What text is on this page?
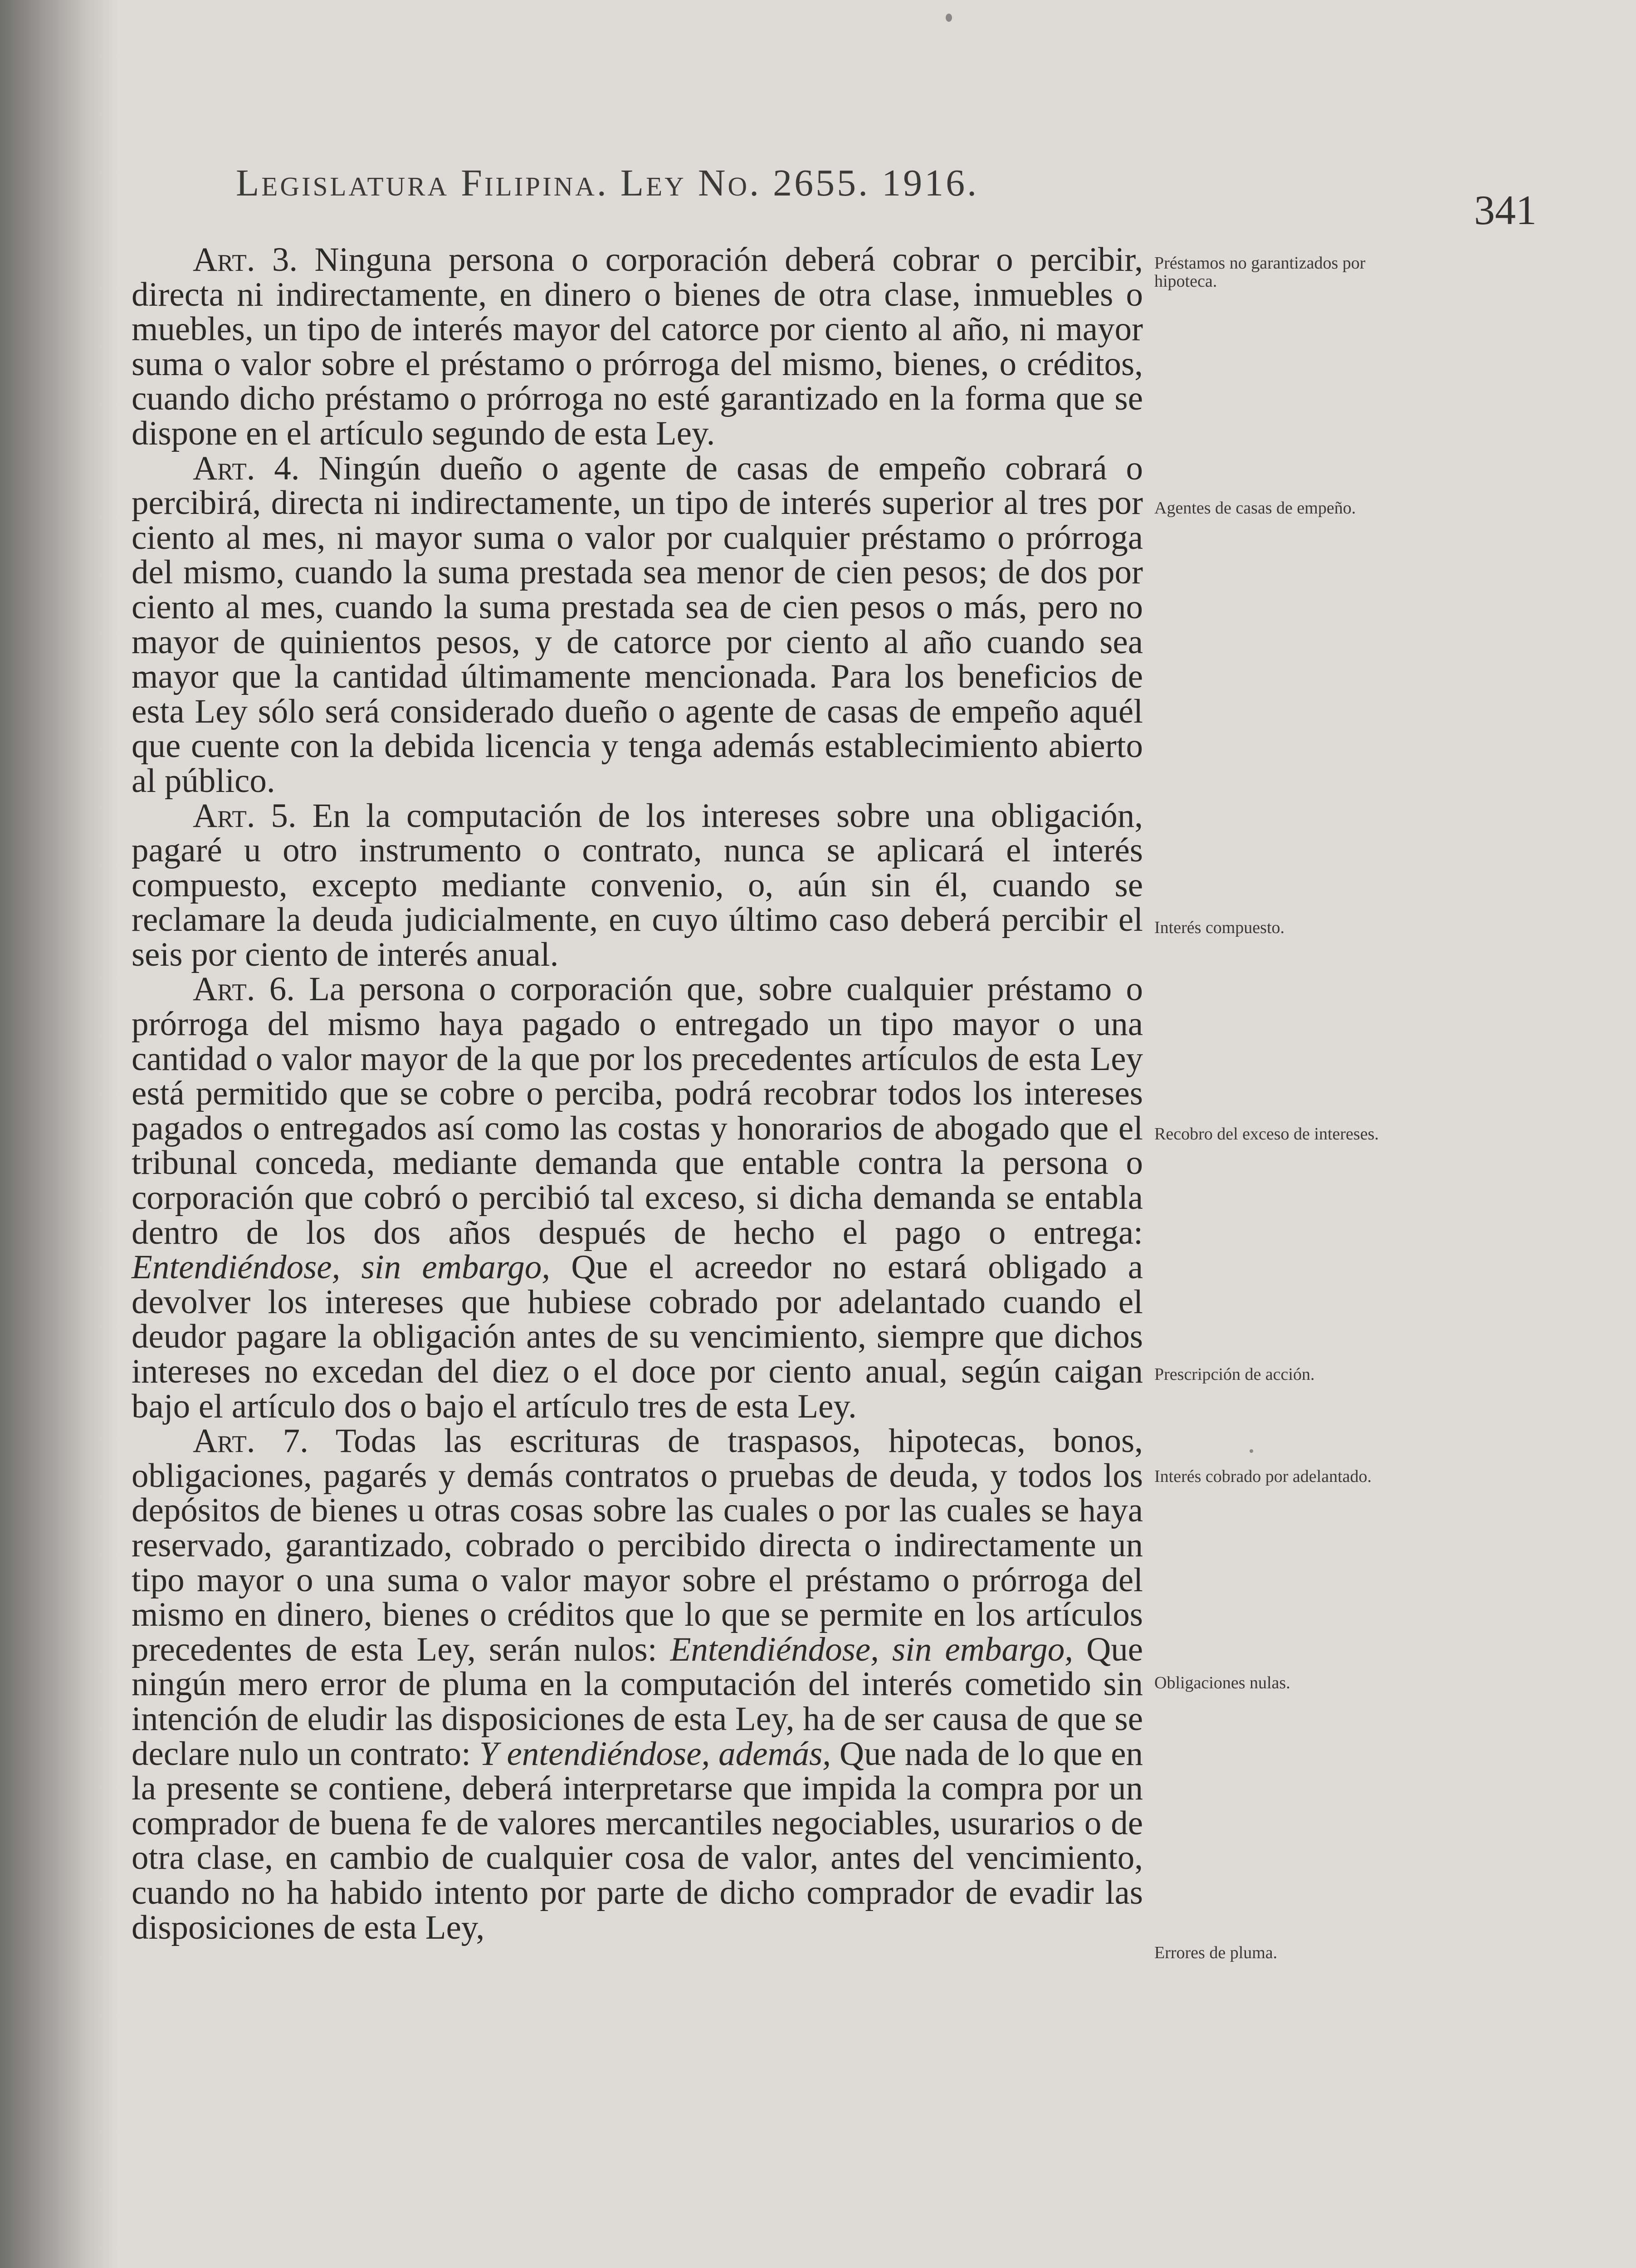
Legislatura Filipina. Ley No. 2655. 1916.
341

Art. 3. Ninguna persona o corporación deberá cobrar o percibir, directa ni indirectamente, en dinero o bienes de otra clase, inmuebles o muebles, un tipo de interés mayor del catorce por ciento al año, ni mayor suma o valor sobre el préstamo o prórroga del mismo, bienes, o créditos, cuando dicho préstamo o prórroga no esté garantizado en la forma que se dispone en el artículo segundo de esta Ley.

Art. 4. Ningún dueño o agente de casas de empeño cobrará o percibirá, directa ni indirectamente, un tipo de interés superior al tres por ciento al mes, ni mayor suma o valor por cualquier préstamo o prórroga del mismo, cuando la suma prestada sea menor de cien pesos; de dos por ciento al mes, cuando la suma prestada sea de cien pesos o más, pero no mayor de quinientos pesos, y de catorce por ciento al año cuando sea mayor que la cantidad últimamente mencionada. Para los beneficios de esta Ley sólo será considerado dueño o agente de casas de empeño aquél que cuente con la debida licencia y tenga además establecimiento abierto al público.

Art. 5. En la computación de los intereses sobre una obligación, pagaré u otro instrumento o contrato, nunca se aplicará el interés compuesto, excepto mediante convenio, o, aún sin él, cuando se reclamare la deuda judicialmente, en cuyo último caso deberá percibir el seis por ciento de interés anual.

Art. 6. La persona o corporación que, sobre cualquier préstamo o prórroga del mismo haya pagado o entregado un tipo mayor o una cantidad o valor mayor de la que por los precedentes artículos de esta Ley está permitido que se cobre o perciba, podrá recobrar todos los intereses pagados o entregados así como las costas y honorarios de abogado que el tribunal conceda, mediante demanda que entable contra la persona o corporación que cobró o percibió tal exceso, si dicha demanda se entabla dentro de los dos años después de hecho el pago o entrega: Entendiéndose, sin embargo, Que el acreedor no estará obligado a devolver los intereses que hubiese cobrado por adelantado cuando el deudor pagare la obligación antes de su vencimiento, siempre que dichos intereses no excedan del diez o el doce por ciento anual, según caigan bajo el artículo dos o bajo el artículo tres de esta Ley.

Art. 7. Todas las escrituras de traspasos, hipotecas, bonos, obligaciones, pagarés y demás contratos o pruebas de deuda, y todos los depósitos de bienes u otras cosas sobre las cuales o por las cuales se haya reservado, garantizado, cobrado o percibido directa o indirectamente un tipo mayor o una suma o valor mayor sobre el préstamo o prórroga del mismo en dinero, bienes o créditos que lo que se permite en los artículos precedentes de esta Ley, serán nulos: Entendiéndose, sin embargo, Que ningún mero error de pluma en la computación del interés cometido sin intención de eludir las disposiciones de esta Ley, ha de ser causa de que se declare nulo un contrato: Y entendiéndose, además, Que nada de lo que en la presente se contiene, deberá interpretarse que impida la compra por un comprador de buena fe de valores mercantiles negociables, usurarios o de otra clase, en cambio de cualquier cosa de valor, antes del vencimiento, cuando no ha habido intento por parte de dicho comprador de evadir las disposiciones de esta Ley,

Préstamos no garantizados por hipoteca.
Agentes de casas de empeño.
Interés compuesto.
Recobro del exceso de intereses.
Prescripción de acción.
Interés cobrado por adelantado.
Obligaciones nulas.
Errores de pluma.
